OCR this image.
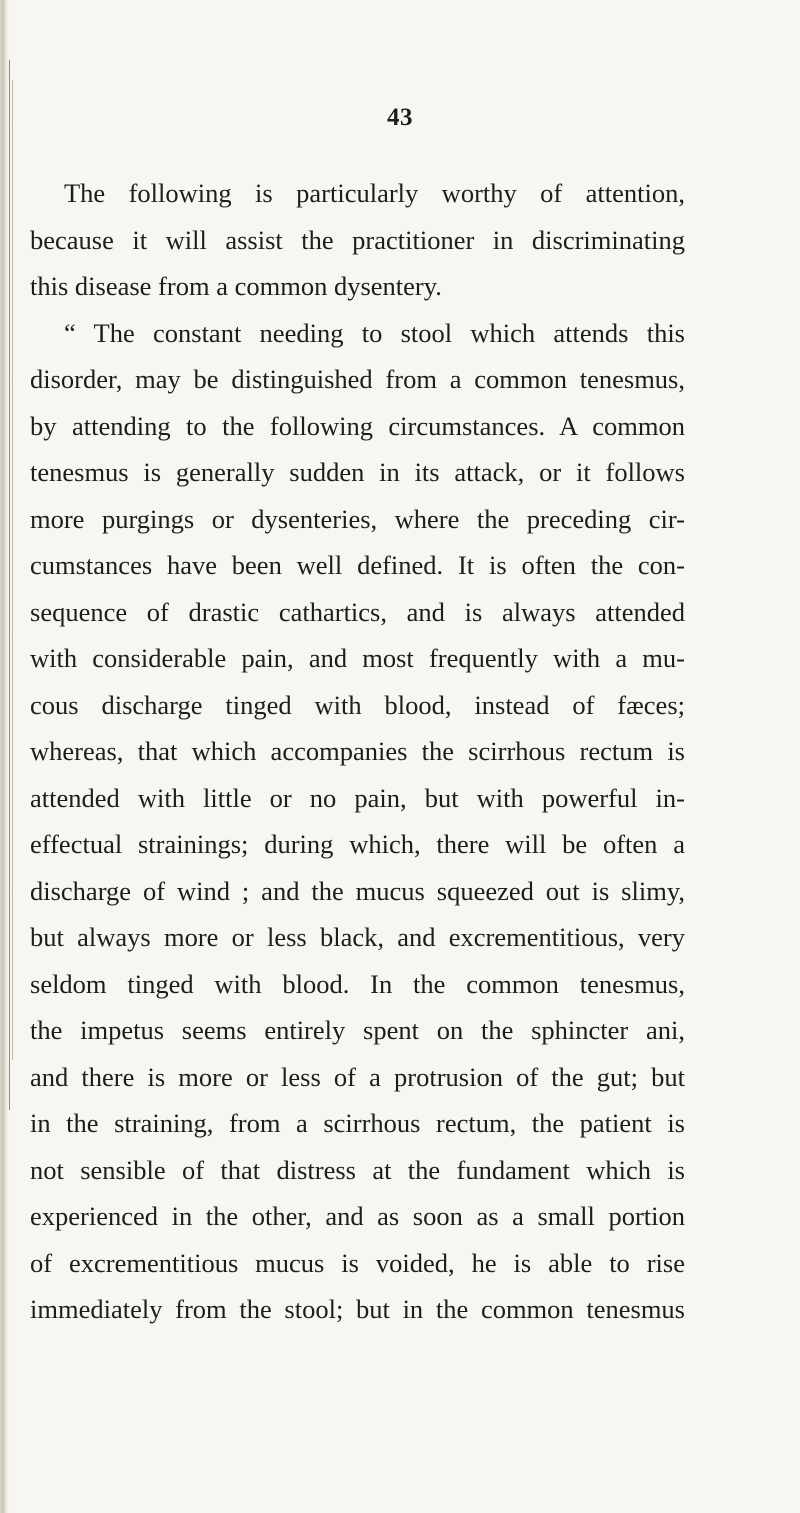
43
The following is particularly worthy of attention,
because it will assist the practitioner in discriminating
this disease from a common dysentery.
“ The constant needing to stool which attends this
disorder, may be distinguished from a common tenesmus,
by attending to the following circumstances. A common
tenesmus is generally sudden in its attack, or it follows
more purgings or dysenteries, where the preceding cir-
cumstances have been well defined. It is often the con-
sequence of drastic cathartics, and is always attended
with considerable pain, and most frequently with a mu-
cous discharge tinged with blood, instead of fæces;
whereas, that which accompanies the scirrhous rectum is
attended with little or no pain, but with powerful in-
effectual strainings; during which, there will be often a
discharge of wind ; and the mucus squeezed out is slimy,
but always more or less black, and excrementitious, very
seldom tinged with blood. In the common tenesmus,
the impetus seems entirely spent on the sphincter ani,
and there is more or less of a protrusion of the gut; but
in the straining, from a scirrhous rectum, the patient is
not sensible of that distress at the fundament which is
experienced in the other, and as soon as a small portion
of excrementitious mucus is voided, he is able to rise
immediately from the stool; but in the common tenesmus
